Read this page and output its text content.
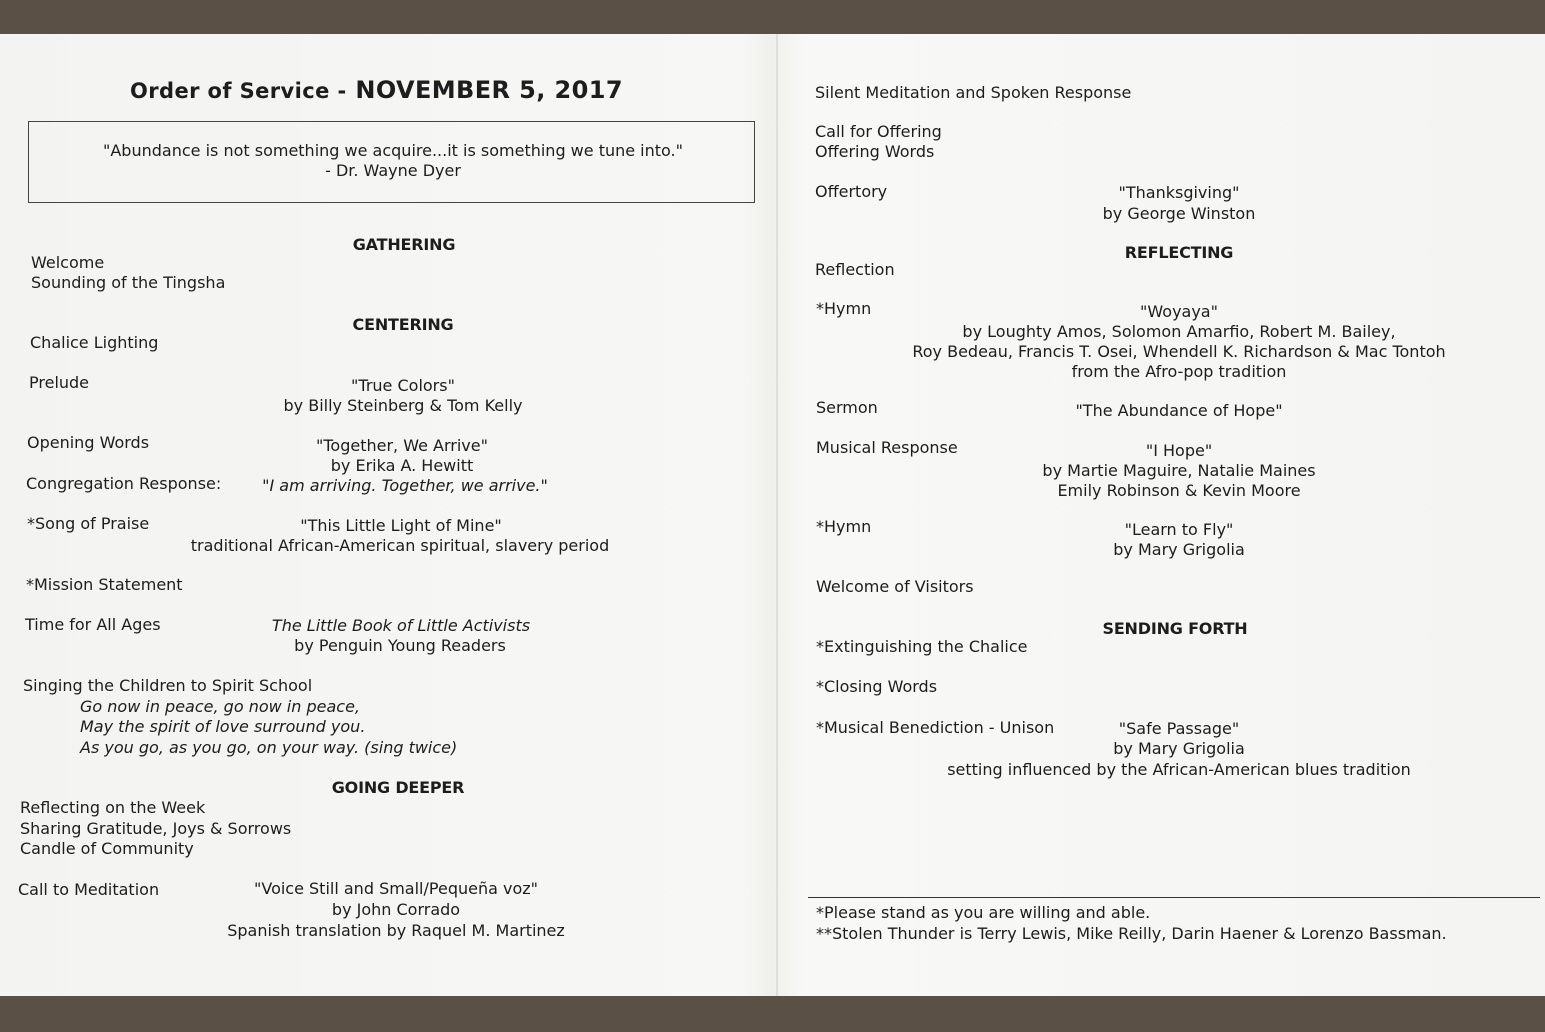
Order of Service - NOVEMBER 5, 2017
"Abundance is not something we acquire...it is something we tune into."
- Dr. Wayne Dyer
GATHERING
Welcome
Sounding of the Tingsha
CENTERING
Chalice Lighting
Prelude	"True Colors"
by Billy Steinberg & Tom Kelly
Opening Words	"Together, We Arrive"
by Erika A. Hewitt
Congregation Response:	"I am arriving. Together, we arrive."
*Song of Praise	"This Little Light of Mine"
traditional African-American spiritual, slavery period
*Mission Statement
Time for All Ages	The Little Book of Little Activists
by Penguin Young Readers
Singing the Children to Spirit School
Go now in peace, go now in peace,
May the spirit of love surround you.
As you go, as you go, on your way. (sing twice)
GOING DEEPER
Reflecting on the Week
Sharing Gratitude, Joys & Sorrows
Candle of Community
Call to Meditation	"Voice Still and Small/Pequeña voz"
by John Corrado
Spanish translation by Raquel M. Martinez
Silent Meditation and Spoken Response
Call for Offering
Offering Words
Offertory	"Thanksgiving"
by George Winston
REFLECTING
Reflection
*Hymn	"Woyaya"
by Loughty Amos, Solomon Amarfio, Robert M. Bailey,
Roy Bedeau, Francis T. Osei, Whendell K. Richardson & Mac Tontoh
from the Afro-pop tradition
Sermon	"The Abundance of Hope"
Musical Response	"I Hope"
by Martie Maguire, Natalie Maines
Emily Robinson & Kevin Moore
*Hymn	"Learn to Fly"
by Mary Grigolia
Welcome of Visitors
SENDING FORTH
*Extinguishing the Chalice
*Closing Words
*Musical Benediction - Unison	"Safe Passage"
by Mary Grigolia
setting influenced by the African-American blues tradition
*Please stand as you are willing and able.
**Stolen Thunder is Terry Lewis, Mike Reilly, Darin Haener & Lorenzo Bassman.
